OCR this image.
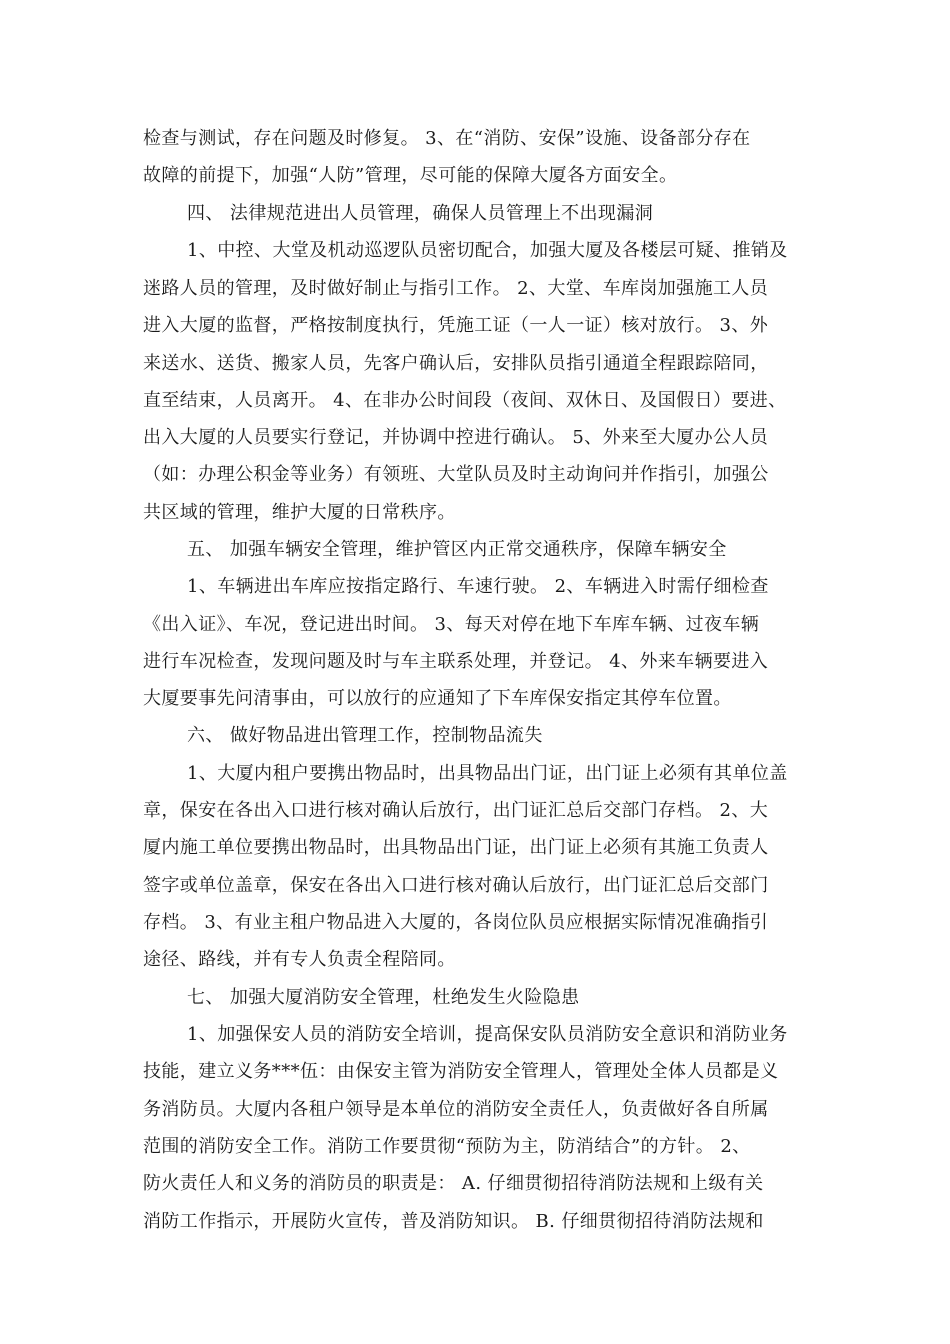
检查与测试，存在问题及时修复。 3、在“消防、安保”设施、设备部分存在
故障的前提下，加强“人防”管理，尽可能的保障大厦各方面安全。
四、 法律规范进出人员管理，确保人员管理上不出现漏洞
1、中控、大堂及机动巡逻队员密切配合，加强大厦及各楼层可疑、推销及
迷路人员的管理，及时做好制止与指引工作。 2、大堂、车库岗加强施工人员
进入大厦的监督，严格按制度执行，凭施工证（一人一证）核对放行。 3、外
来送水、送货、搬家人员，先客户确认后，安排队员指引通道全程跟踪陪同，
直至结束，人员离开。 4、在非办公时间段（夜间、双休日、及国假日）要进、
出入大厦的人员要实行登记，并协调中控进行确认。 5、外来至大厦办公人员
（如：办理公积金等业务）有领班、大堂队员及时主动询问并作指引，加强公
共区域的管理，维护大厦的日常秩序。
五、 加强车辆安全管理，维护管区内正常交通秩序，保障车辆安全
1、车辆进出车库应按指定路行、车速行驶。 2、车辆进入时需仔细检查
《出入证》、车况，登记进出时间。 3、每天对停在地下车库车辆、过夜车辆
进行车况检查，发现问题及时与车主联系处理，并登记。 4、外来车辆要进入
大厦要事先问清事由，可以放行的应通知了下车库保安指定其停车位置。
六、 做好物品进出管理工作，控制物品流失
1、大厦内租户要携出物品时，出具物品出门证，出门证上必须有其单位盖
章，保安在各出入口进行核对确认后放行，出门证汇总后交部门存档。 2、大
厦内施工单位要携出物品时，出具物品出门证，出门证上必须有其施工负责人
签字或单位盖章，保安在各出入口进行核对确认后放行，出门证汇总后交部门
存档。 3、有业主租户物品进入大厦的，各岗位队员应根据实际情况准确指引
途径、路线，并有专人负责全程陪同。
七、 加强大厦消防安全管理，杜绝发生火险隐患
1、加强保安人员的消防安全培训，提高保安队员消防安全意识和消防业务
技能，建立义务***伍：由保安主管为消防安全管理人，管理处全体人员都是义
务消防员。大厦内各租户领导是本单位的消防安全责任人，负责做好各自所属
范围的消防安全工作。消防工作要贯彻“预防为主，防消结合”的方针。 2、
防火责任人和义务的消防员的职责是： A. 仔细贯彻招待消防法规和上级有关
消防工作指示，开展防火宣传，普及消防知识。 B. 仔细贯彻招待消防法规和
